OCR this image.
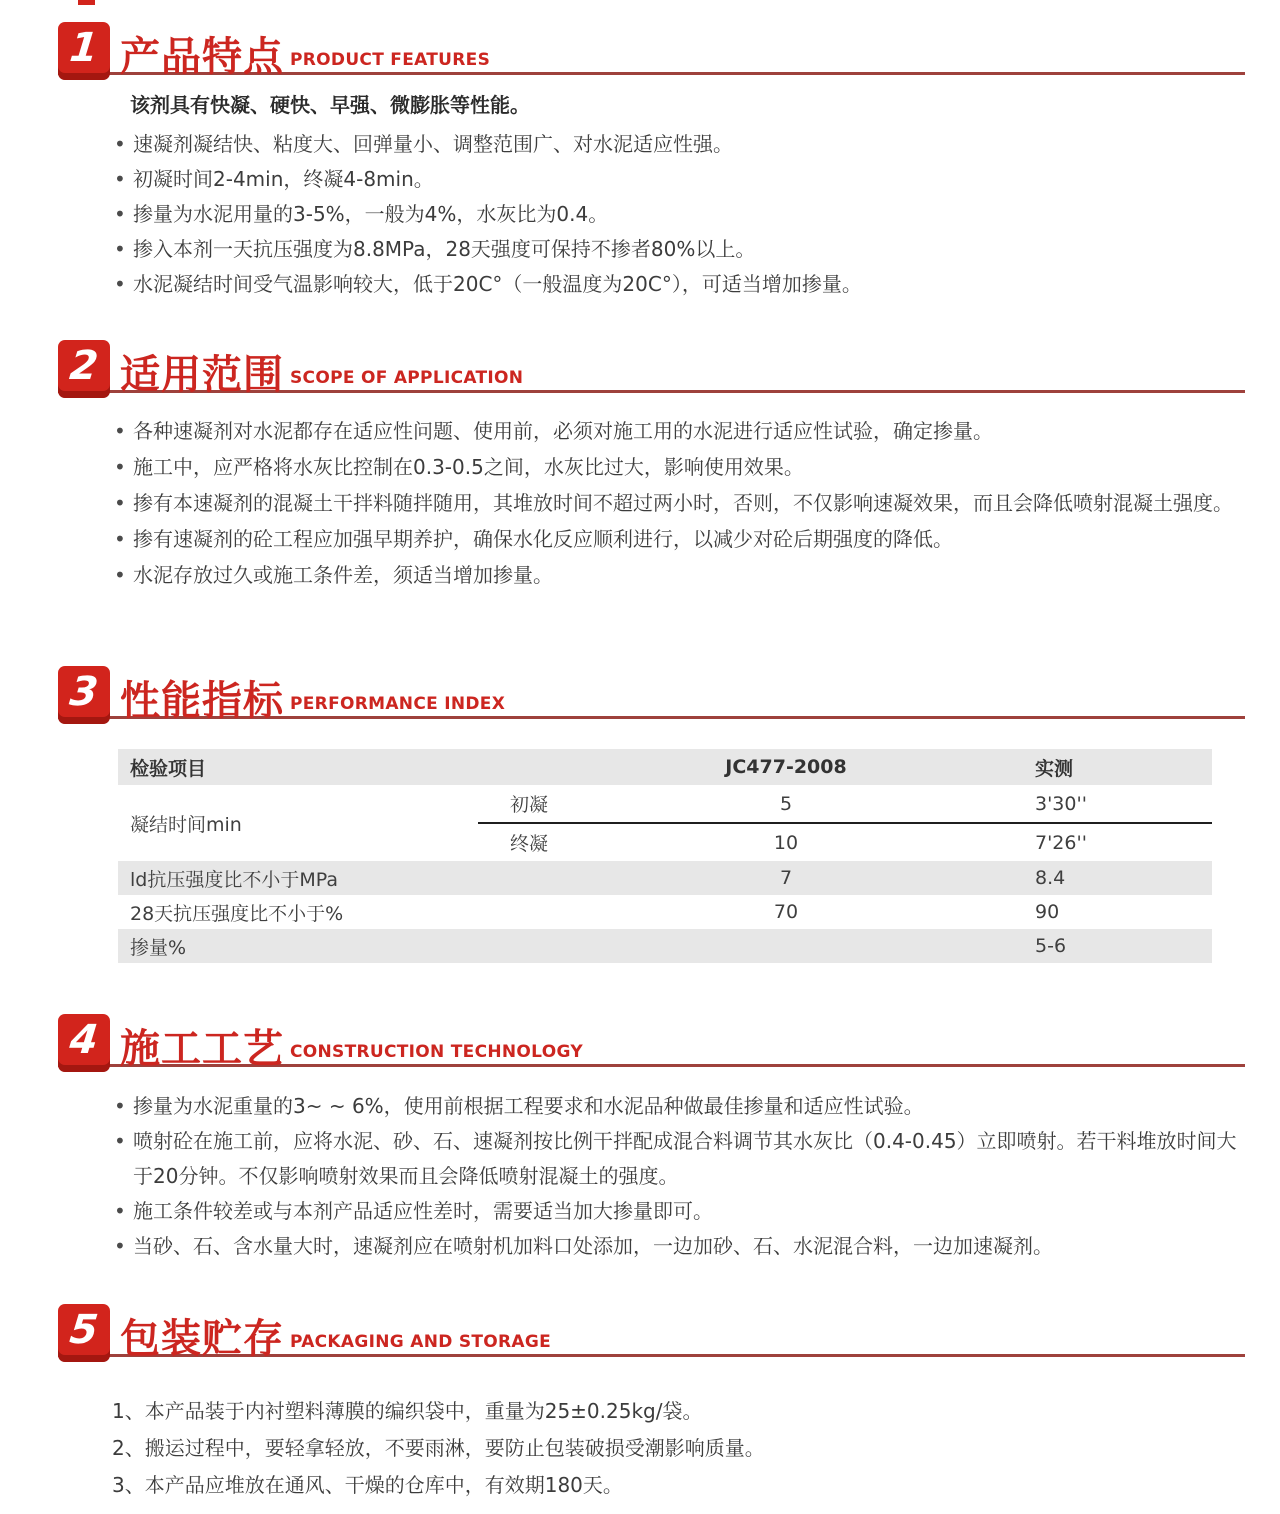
1 产品特点 PRODUCT FEATURES
该剂具有快凝、硬快、早强、微膨胀等性能。
• 速凝剂凝结快、粘度大、回弹量小、调整范围广、对水泥适应性强。
• 初凝时间2-4min，终凝4-8min。
• 掺量为水泥用量的3-5%，一般为4%，水灰比为0.4。
• 掺入本剂一天抗压强度为8.8MPa，28天强度可保持不掺者80%以上。
• 水泥凝结时间受气温影响较大，低于20C°（一般温度为20C°），可适当增加掺量。
2 适用范围 SCOPE OF APPLICATION
• 各种速凝剂对水泥都存在适应性问题、使用前，必须对施工用的水泥进行适应性试验，确定掺量。
• 施工中，应严格将水灰比控制在0.3-0.5之间，水灰比过大，影响使用效果。
• 掺有本速凝剂的混凝土干拌料随拌随用，其堆放时间不超过两小时，否则，不仅影响速凝效果，而且会降低喷射混凝土强度。
• 掺有速凝剂的砼工程应加强早期养护，确保水化反应顺利进行，以减少对砼后期强度的降低。
• 水泥存放过久或施工条件差，须适当增加掺量。
3 性能指标 PERFORMANCE INDEX
检验项目		JC477-2008	实测
凝结时间min	初凝	5	3'30''
	终凝	10	7'26''
ld抗压强度比不小于MPa		7	8.4
28天抗压强度比不小于%		70	90
掺量%			5-6
4 施工工艺 CONSTRUCTION TECHNOLOGY
• 掺量为水泥重量的3~ ~ 6%，使用前根据工程要求和水泥品种做最佳掺量和适应性试验。
• 喷射砼在施工前，应将水泥、砂、石、速凝剂按比例干拌配成混合料调节其水灰比（0.4-0.45）立即喷射。若干料堆放时间大于20分钟。不仅影响喷射效果而且会降低喷射混凝土的强度。
• 施工条件较差或与本剂产品适应性差时，需要适当加大掺量即可。
• 当砂、石、含水量大时，速凝剂应在喷射机加料口处添加，一边加砂、石、水泥混合料，一边加速凝剂。
5 包装贮存 PACKAGING AND STORAGE
1、本产品装于内衬塑料薄膜的编织袋中，重量为25±0.25kg/袋。
2、搬运过程中，要轻拿轻放，不要雨淋，要防止包装破损受潮影响质量。
3、本产品应堆放在通风、干燥的仓库中，有效期180天。
